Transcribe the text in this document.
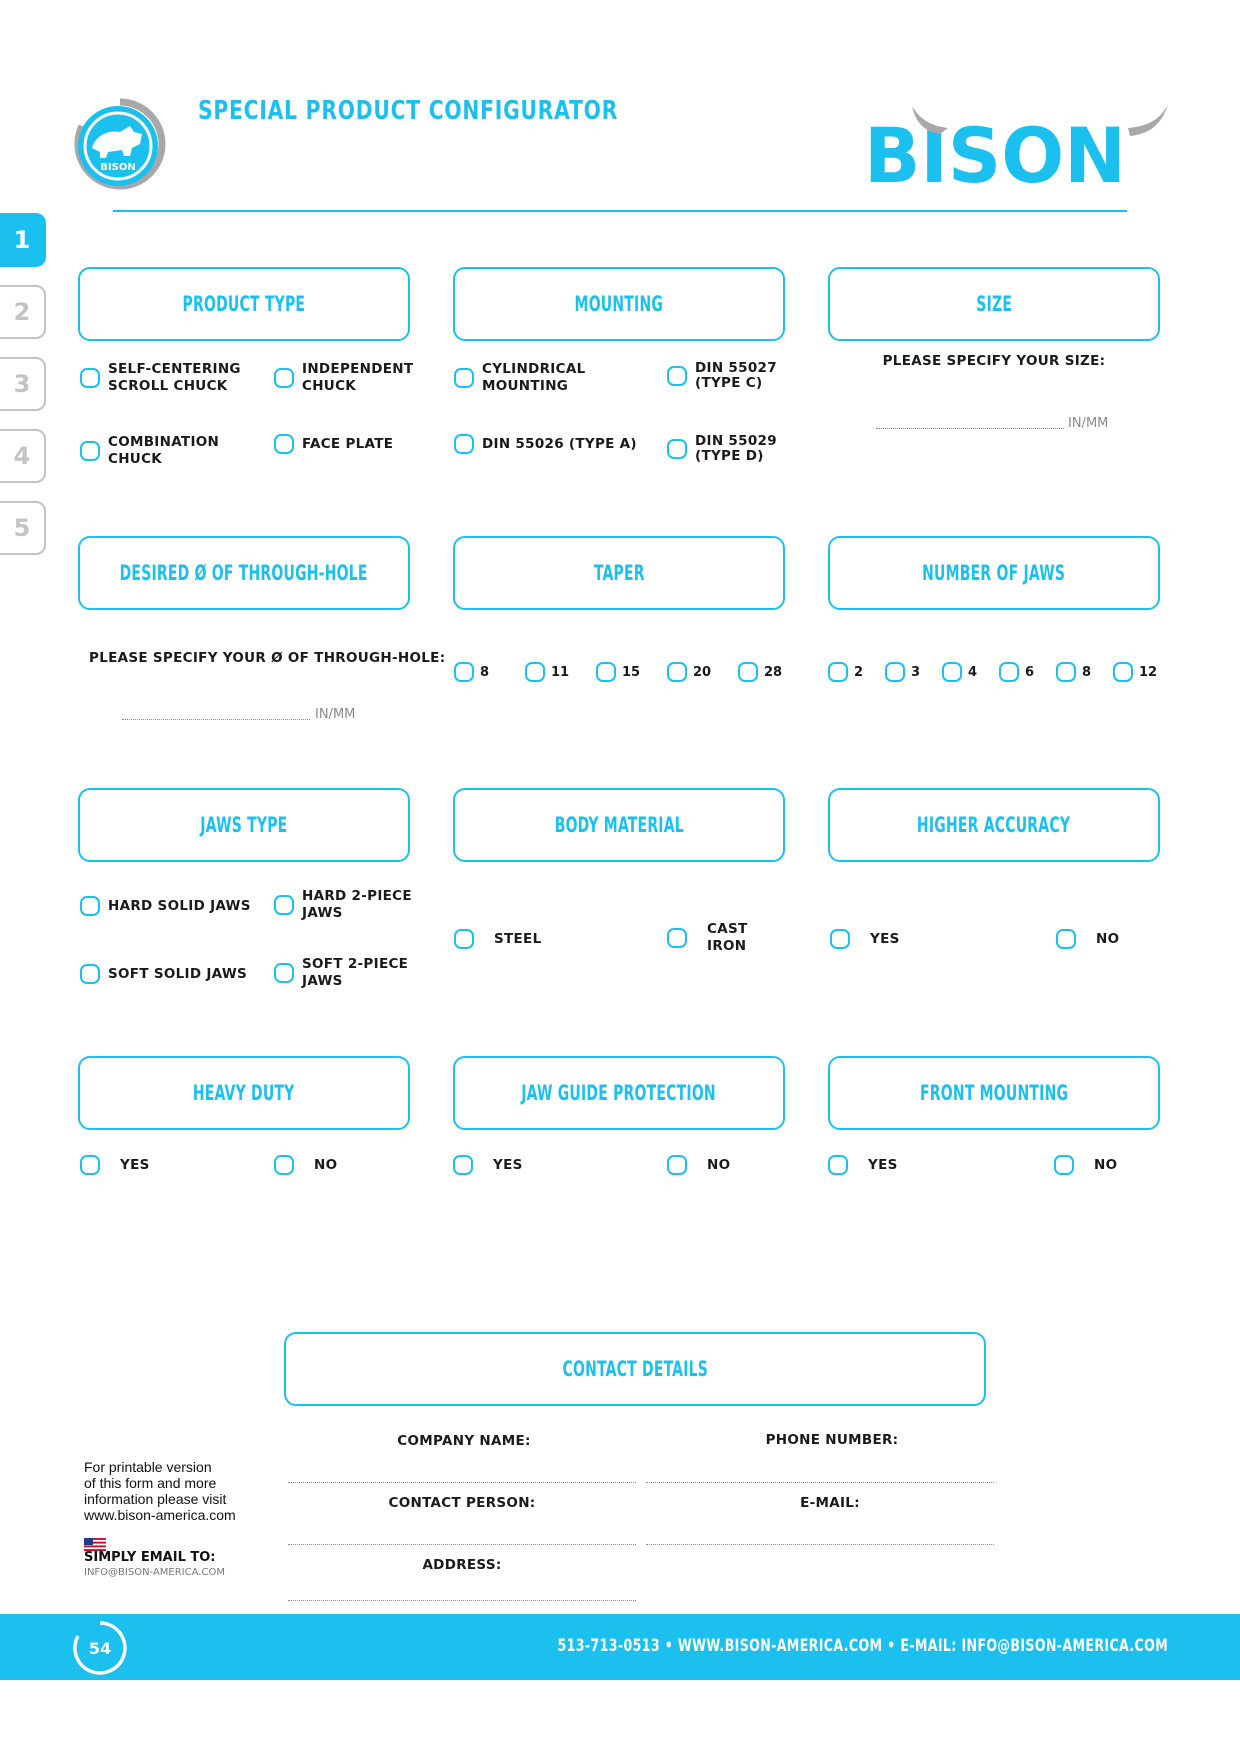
BISON
SPECIAL PRODUCT CONFIGURATOR	BISON
1
2
3
4
5
PRODUCT TYPE
SELF-CENTERING
SCROLL CHUCK
INDEPENDENT
CHUCK
COMBINATION
CHUCK
FACE PLATE
MOUNTING
CYLINDRICAL
MOUNTING
DIN 55027
(TYPE C)
DIN 55026 (TYPE A)	DIN 55029
(TYPE D)
SIZE
PLEASE SPECIFY YOUR SIZE:
IN/MM
DESIRED Ø OF THROUGH-HOLE
PLEASE SPECIFY YOUR Ø OF THROUGH-HOLE:
IN/MM
TAPER
8	11	15	20	28
NUMBER OF JAWS
2	3	4	6	8	12
JAWS TYPE
HARD SOLID JAWS
HARD 2-PIECE
JAWS
SOFT SOLID JAWS
SOFT 2-PIECE
JAWS
BODY MATERIAL
STEEL
CAST
IRON
HIGHER ACCURACY
YES	NO
HEAVY DUTY
YES	NO
JAW GUIDE PROTECTION
YES	NO
FRONT MOUNTING
YES	NO
CONTACT DETAILS
COMPANY NAME:	PHONE NUMBER:
CONTACT PERSON:	E-MAIL:
ADDRESS:
For printable version
of this form and more
information please visit
www.bison-america.com
SIMPLY EMAIL TO:
INFO@BISON-AMERICA.COM
54	513-713-0513 • WWW.BISON-AMERICA.COM • E-MAIL: INFO@BISON-AMERICA.COM
